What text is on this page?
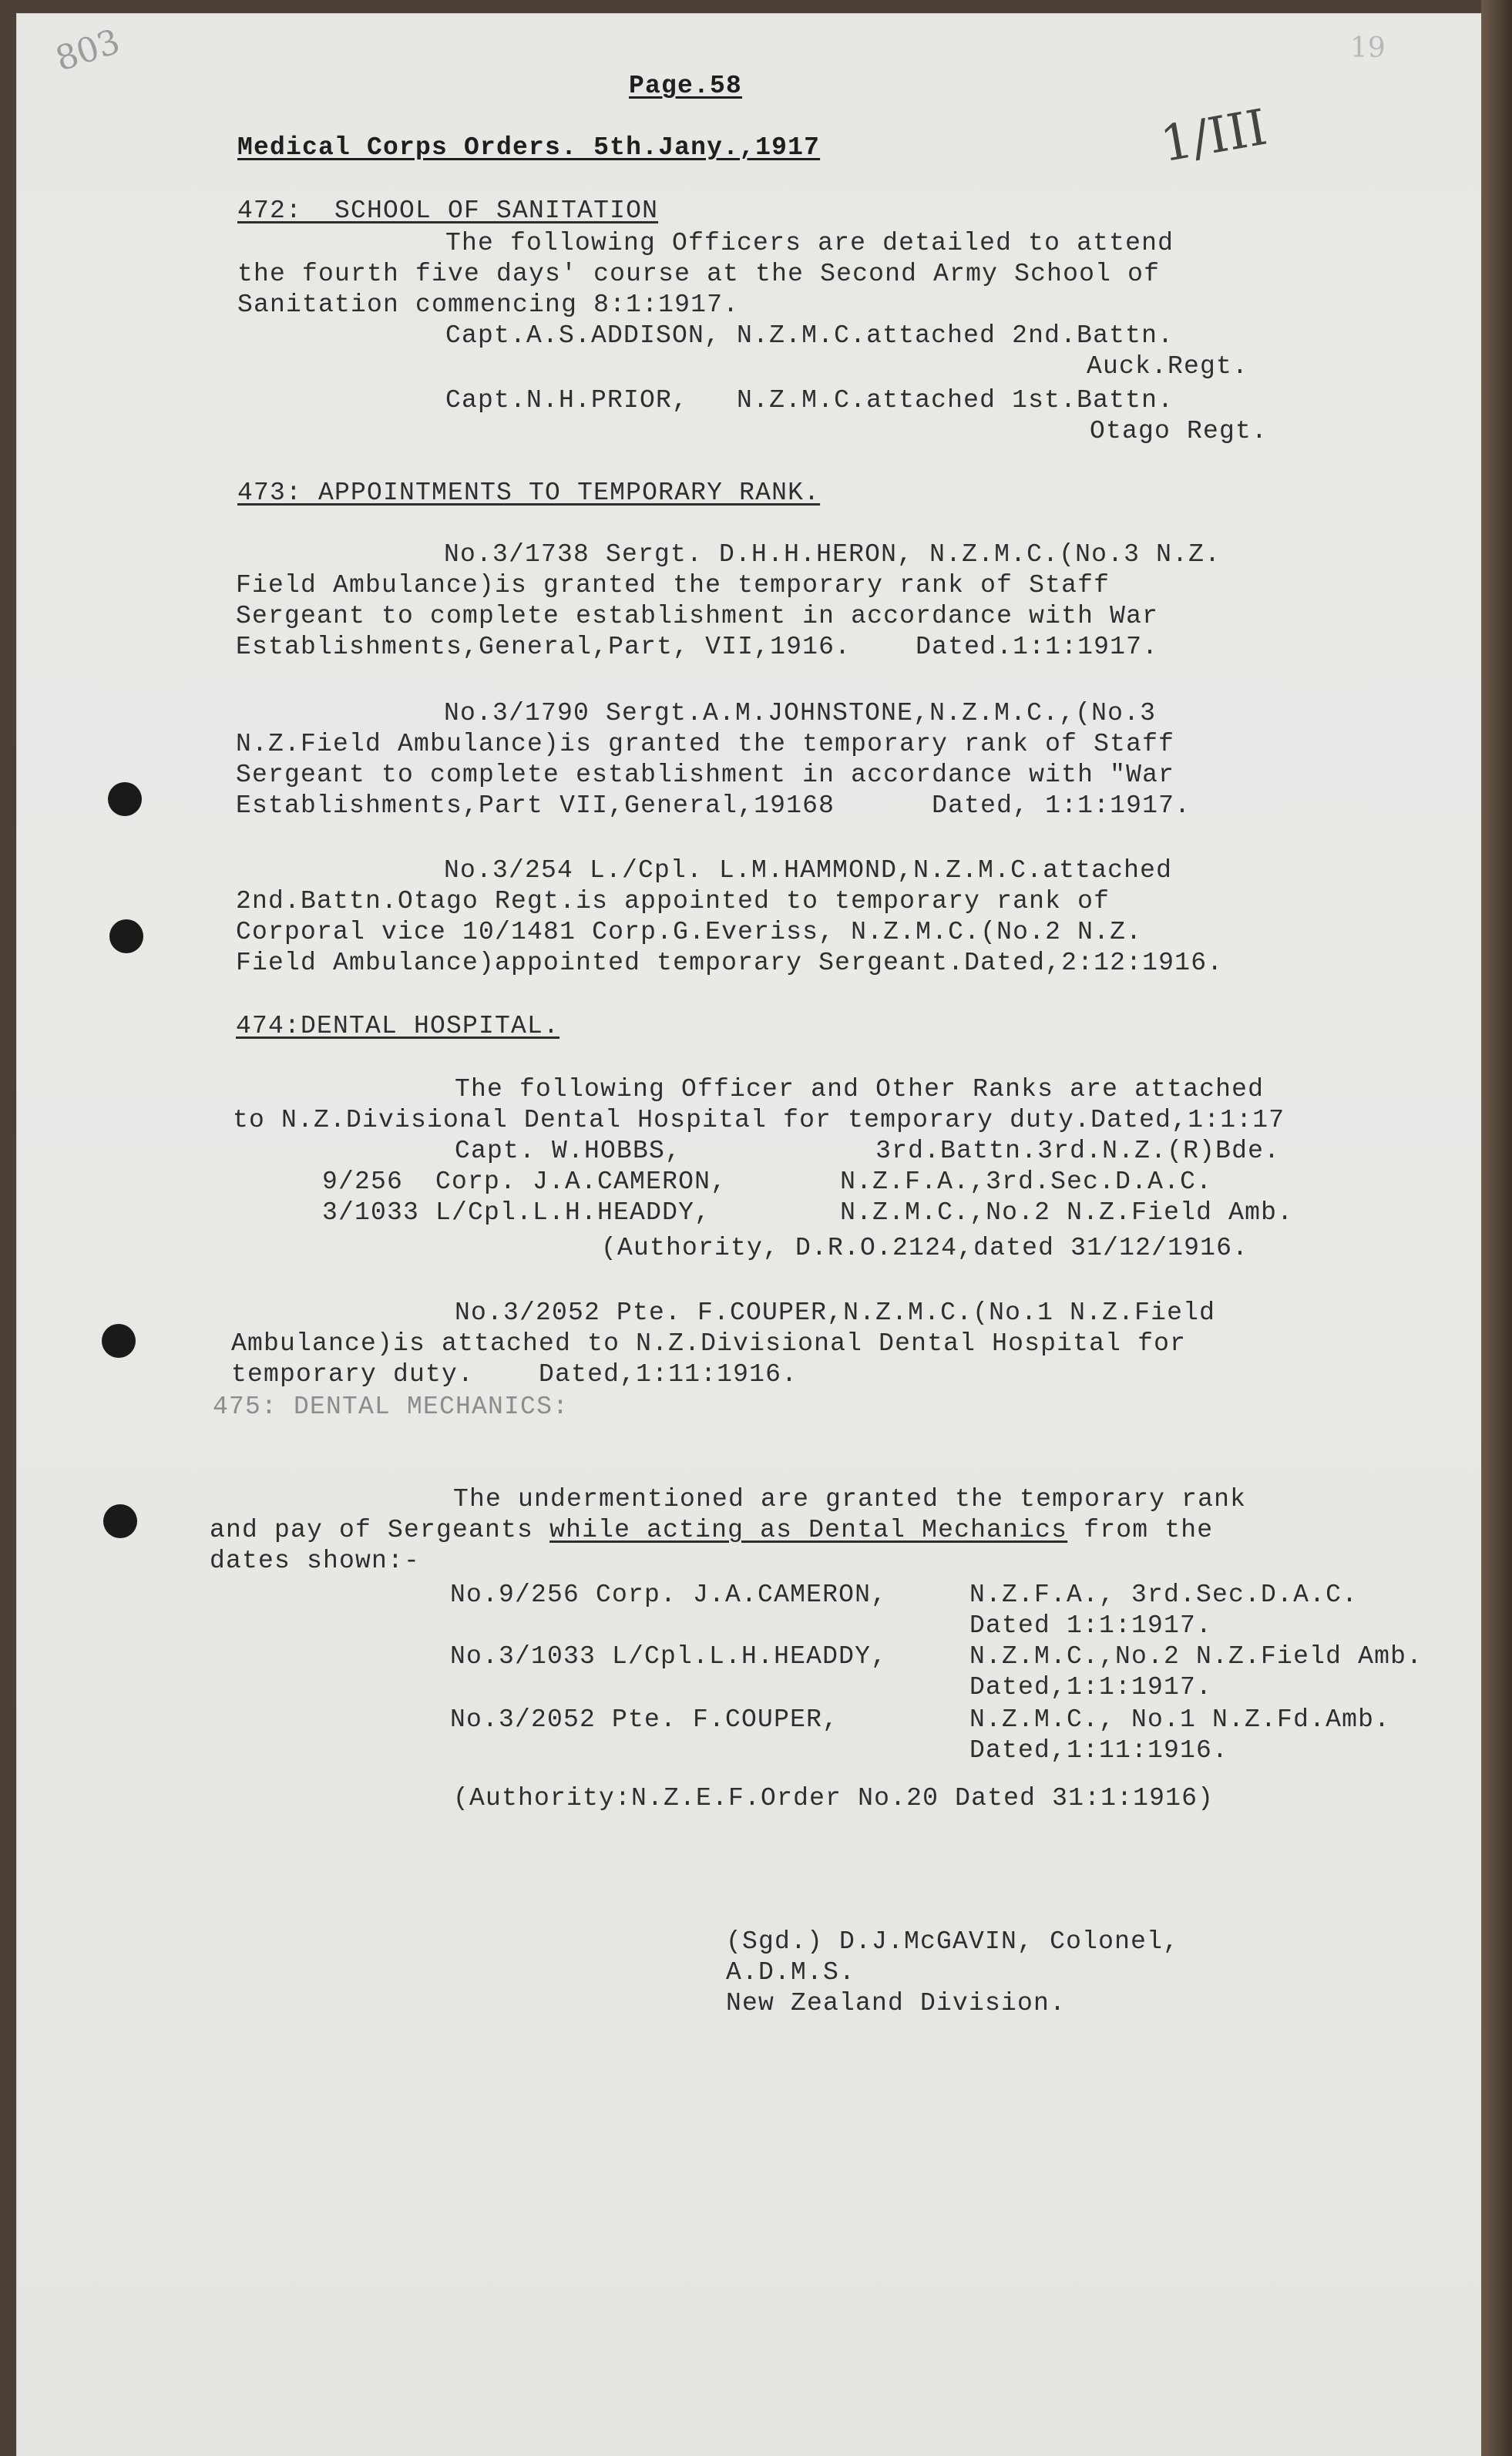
803	19
1/III
Page.58
Medical Corps Orders. 5th.Jany.,1917
472:  SCHOOL OF SANITATION
The following Officers are detailed to attend
the fourth five days' course at the Second Army School of
Sanitation commencing 8:1:1917.
Capt.A.S.ADDISON, N.Z.M.C.attached 2nd.Battn.
Auck.Regt.
Capt.N.H.PRIOR,   N.Z.M.C.attached 1st.Battn.
Otago Regt.
473: APPOINTMENTS TO TEMPORARY RANK.
No.3/1738 Sergt. D.H.H.HERON, N.Z.M.C.(No.3 N.Z.
Field Ambulance)is granted the temporary rank of Staff
Sergeant to complete establishment in accordance with War
Establishments,General,Part, VII,1916.    Dated.1:1:1917.
No.3/1790 Sergt.A.M.JOHNSTONE,N.Z.M.C.,(No.3
N.Z.Field Ambulance)is granted the temporary rank of Staff
Sergeant to complete establishment in accordance with "War
Establishments,Part VII,General,19168      Dated, 1:1:1917.
No.3/254 L./Cpl. L.M.HAMMOND,N.Z.M.C.attached
2nd.Battn.Otago Regt.is appointed to temporary rank of
Corporal vice 10/1481 Corp.G.Everiss, N.Z.M.C.(No.2 N.Z.
Field Ambulance)appointed temporary Sergeant.Dated,2:12:1916.
474:DENTAL HOSPITAL.
The following Officer and Other Ranks are attached
to N.Z.Divisional Dental Hospital for temporary duty.Dated,1:1:17
Capt. W.HOBBS,            3rd.Battn.3rd.N.Z.(R)Bde.
9/256  Corp. J.A.CAMERON,       N.Z.F.A.,3rd.Sec.D.A.C.
3/1033 L/Cpl.L.H.HEADDY,        N.Z.M.C.,No.2 N.Z.Field Amb.
(Authority, D.R.O.2124,dated 31/12/1916.
No.3/2052 Pte. F.COUPER,N.Z.M.C.(No.1 N.Z.Field
Ambulance)is attached to N.Z.Divisional Dental Hospital for
temporary duty.    Dated,1:11:1916.
475: DENTAL MECHANICS:
The undermentioned are granted the temporary rank
and pay of Sergeants while acting as Dental Mechanics from the
dates shown:-
No.9/256 Corp. J.A.CAMERON,	N.Z.F.A., 3rd.Sec.D.A.C.
Dated 1:1:1917.
No.3/1033 L/Cpl.L.H.HEADDY,	N.Z.M.C.,No.2 N.Z.Field Amb.
Dated,1:1:1917.
No.3/2052 Pte. F.COUPER,	N.Z.M.C., No.1 N.Z.Fd.Amb.
Dated,1:11:1916.
(Authority:N.Z.E.F.Order No.20 Dated 31:1:1916)
(Sgd.) D.J.McGAVIN, Colonel,
A.D.M.S.
New Zealand Division.
